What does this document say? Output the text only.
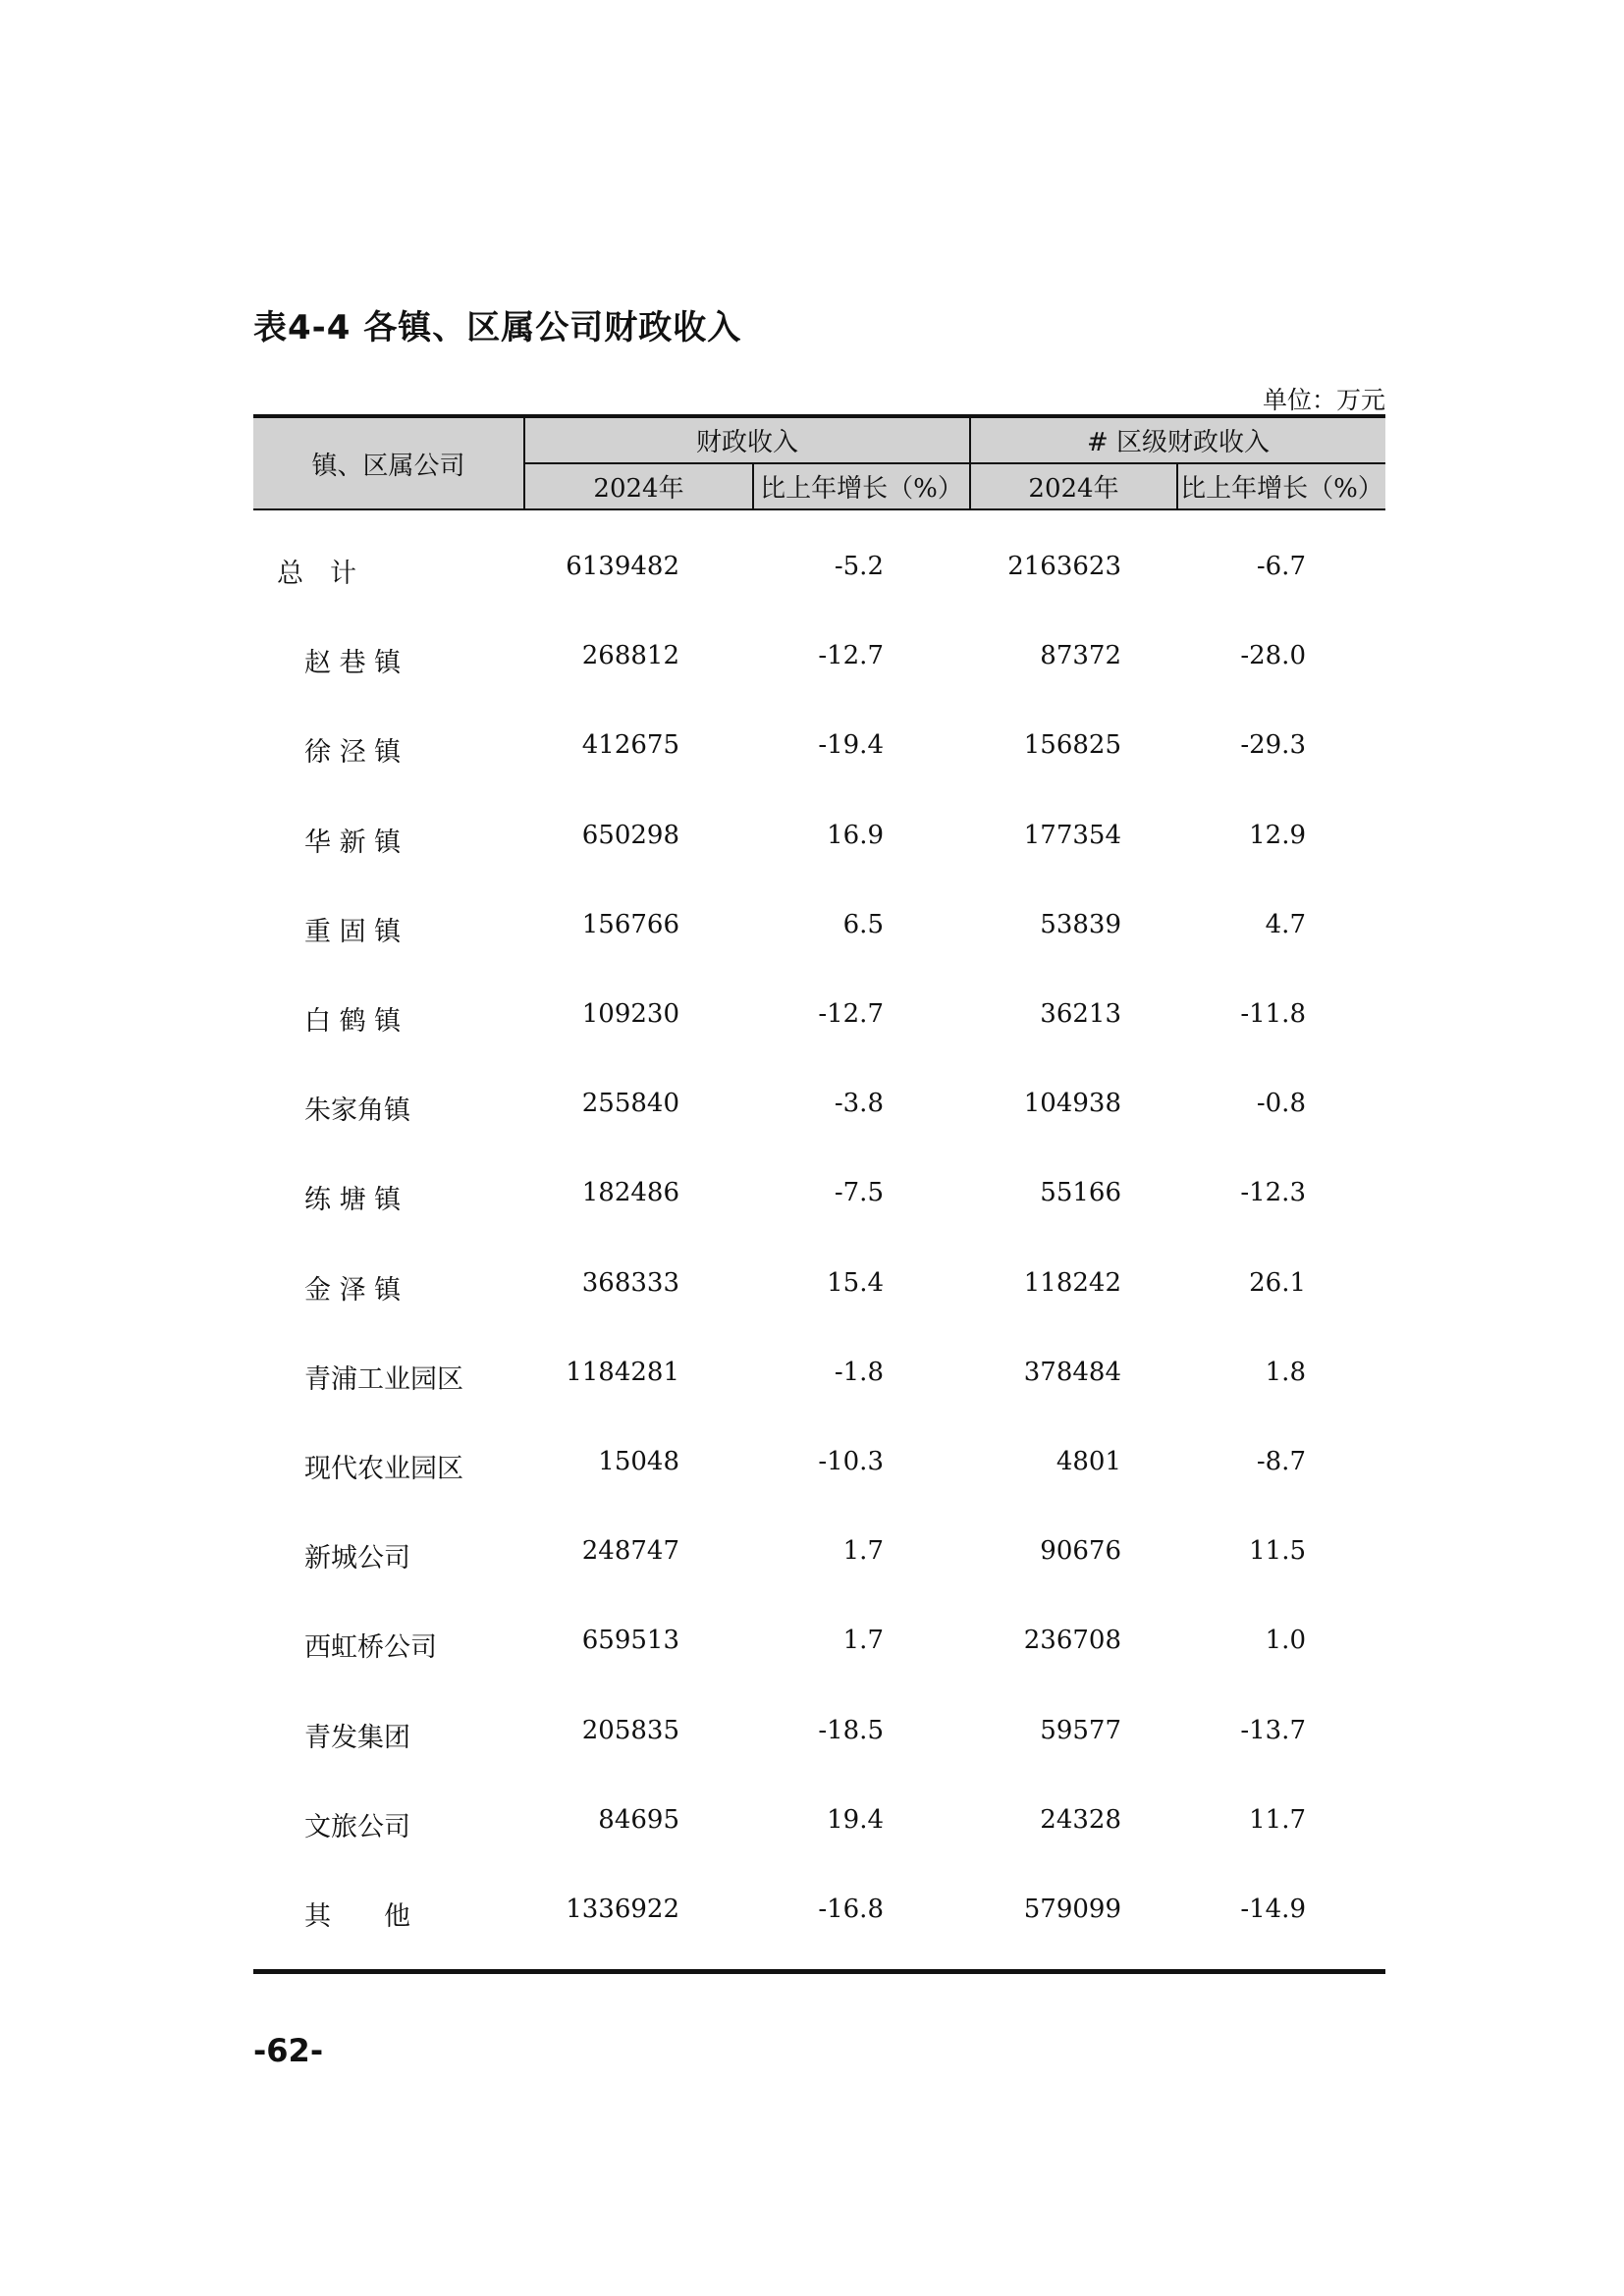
表4-4 各镇、区属公司财政收入
单位：万元
镇、区属公司
财政收入	# 区级财政收入
2024年	比上年增长（%）	2024年	比上年增长（%）
总　计	6139482	-5.2	2163623	-6.7
赵 巷 镇	268812	-12.7	87372	-28.0
徐 泾 镇	412675	-19.4	156825	-29.3
华 新 镇	650298	16.9	177354	12.9
重 固 镇	156766	6.5	53839	4.7
白 鹤 镇	109230	-12.7	36213	-11.8
朱家角镇	255840	-3.8	104938	-0.8
练 塘 镇	182486	-7.5	55166	-12.3
金 泽 镇	368333	15.4	118242	26.1
青浦工业园区	1184281	-1.8	378484	1.8
现代农业园区	15048	-10.3	4801	-8.7
新城公司	248747	1.7	90676	11.5
西虹桥公司	659513	1.7	236708	1.0
青发集团	205835	-18.5	59577	-13.7
文旅公司	84695	19.4	24328	11.7
其　　他	1336922	-16.8	579099	-14.9
-62-
